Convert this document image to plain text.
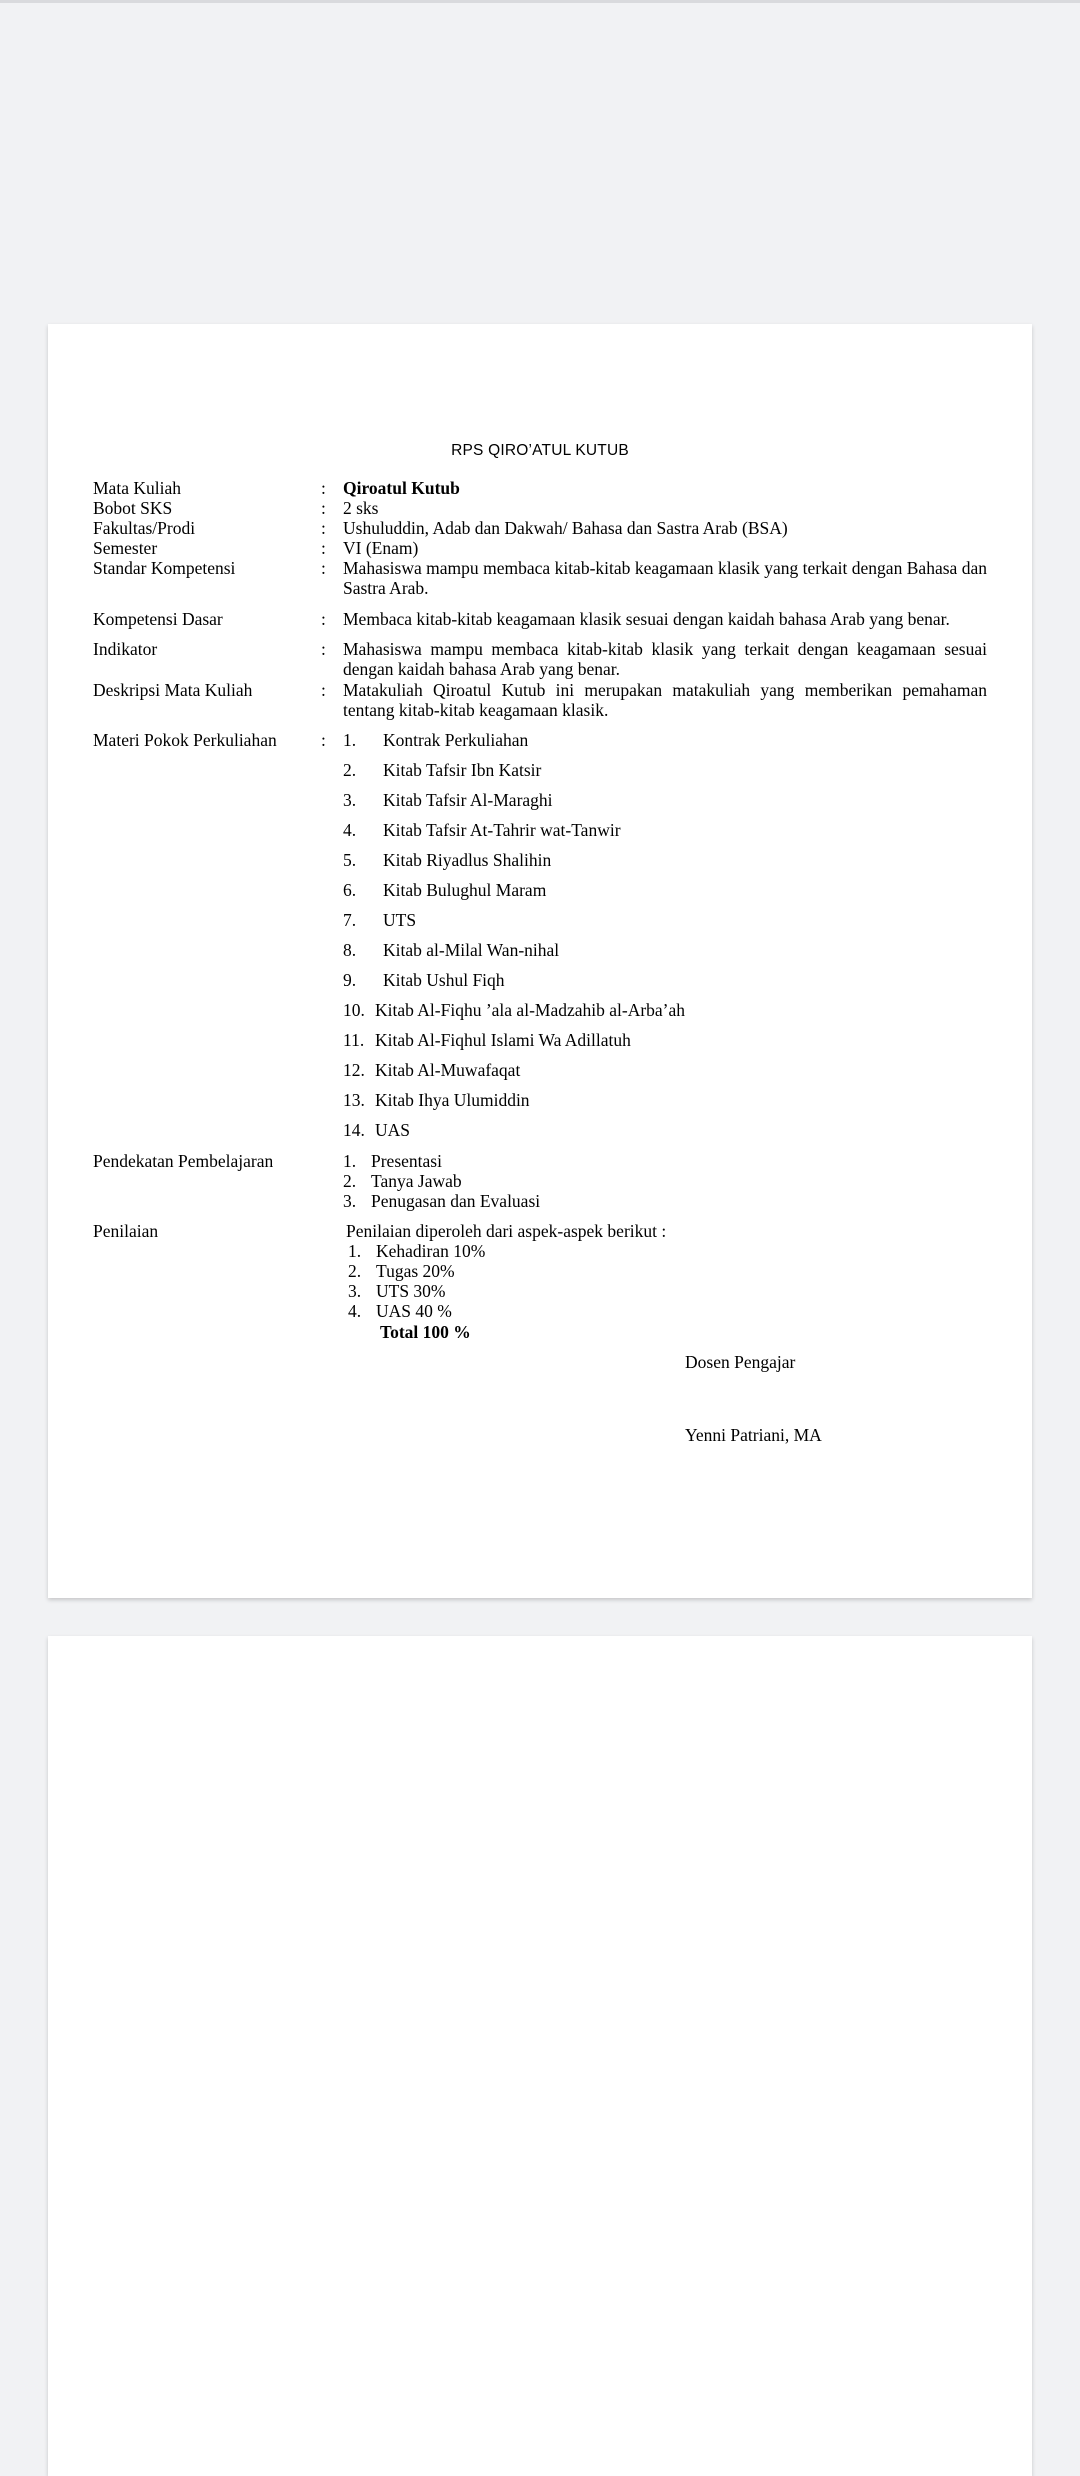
RPS QIRO’ATUL KUTUB
Mata Kuliah	: Qiroatul Kutub
Bobot SKS	: 2 sks
Fakultas/Prodi	: Ushuluddin, Adab dan Dakwah/ Bahasa dan Sastra Arab (BSA)
Semester	: VI (Enam)
Standar Kompetensi	: Mahasiswa mampu membaca kitab-kitab keagamaan klasik yang terkait dengan Bahasa dan Sastra Arab.
Kompetensi Dasar	: Membaca kitab-kitab keagamaan klasik sesuai dengan kaidah bahasa Arab yang benar.
Indikator	: Mahasiswa mampu membaca kitab-kitab klasik yang terkait dengan keagamaan sesuai dengan kaidah bahasa Arab yang benar.
Deskripsi Mata Kuliah	: Matakuliah Qiroatul Kutub ini merupakan matakuliah yang memberikan pemahaman tentang kitab-kitab keagamaan klasik.
Materi Pokok Perkuliahan	: 1. Kontrak Perkuliahan
2. Kitab Tafsir Ibn Katsir
3. Kitab Tafsir Al-Maraghi
4. Kitab Tafsir At-Tahrir wat-Tanwir
5. Kitab Riyadlus Shalihin
6. Kitab Bulughul Maram
7. UTS
8. Kitab al-Milal Wan-nihal
9. Kitab Ushul Fiqh
10. Kitab Al-Fiqhu ’ala al-Madzahib al-Arba’ah
11. Kitab Al-Fiqhul Islami Wa Adillatuh
12. Kitab Al-Muwafaqat
13. Kitab Ihya Ulumiddin
14. UAS
Pendekatan Pembelajaran	1. Presentasi
2. Tanya Jawab
3. Penugasan dan Evaluasi
Penilaian	Penilaian diperoleh dari aspek-aspek berikut :
1. Kehadiran 10%
2. Tugas 20%
3. UTS 30%
4. UAS 40 %
Total 100 %
Dosen Pengajar
Yenni Patriani, MA
